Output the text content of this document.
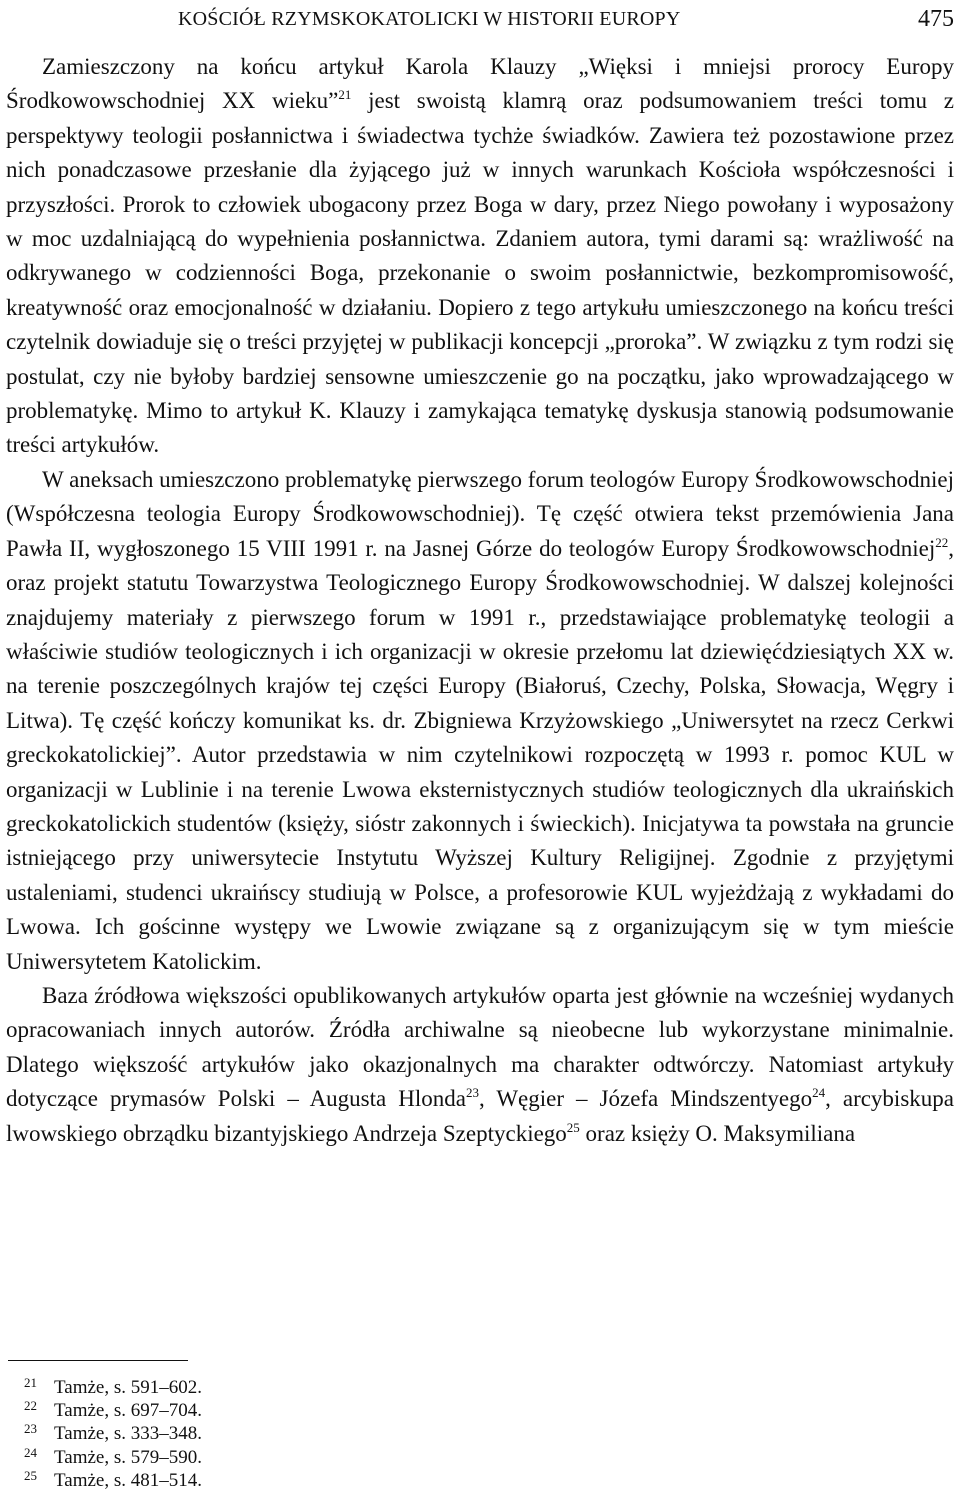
KOŚCIÓŁ RZYMSKOKATOLICKI W HISTORII EUROPY	475

Zamieszczony na końcu artykuł Karola Klauzy „Więksi i mniejsi prorocy Europy Środkowowschodniej XX wieku”$^{21}$ jest swoistą klamrą oraz podsumowaniem treści tomu z perspektywy teologii posłannictwa i świadectwa tychże świadków. Zawiera też pozostawione przez nich ponadczasowe przesłanie dla żyjącego już w innych warunkach Kościoła współczesności i przyszłości. Prorok to człowiek ubogacony przez Boga w dary, przez Niego powołany i wyposażony w moc uzdalniającą do wypełnienia posłannictwa. Zdaniem autora, tymi darami są: wrażliwość na odkrywanego w codzienności Boga, przekonanie o swoim posłannictwie, bezkompromisowość, kreatywność oraz emocjonalność w działaniu. Dopiero z tego artykułu umieszczonego na końcu treści czytelnik dowiaduje się o treści przyjętej w publikacji koncepcji „proroka”. W związku z tym rodzi się postulat, czy nie byłoby bardziej sensowne umieszczenie go na początku, jako wprowadzającego w problematykę. Mimo to artykuł K. Klauzy i zamykająca tematykę dyskusja stanowią podsumowanie treści artykułów.

W aneksach umieszczono problematykę pierwszego forum teologów Europy Środkowowschodniej (Współczesna teologia Europy Środkowowschodniej). Tę część otwiera tekst przemówienia Jana Pawła II, wygłoszonego 15 VIII 1991 r. na Jasnej Górze do teologów Europy Środkowowschodniej$^{22}$, oraz projekt statutu Towarzystwa Teologicznego Europy Środkowowschodniej. W dalszej kolejności znajdujemy materiały z pierwszego forum w 1991 r., przedstawiające problematykę teologii a właściwie studiów teologicznych i ich organizacji w okresie przełomu lat dziewięćdziesiątych XX w. na terenie poszczególnych krajów tej części Europy (Białoruś, Czechy, Polska, Słowacja, Węgry i Litwa). Tę część kończy komunikat ks. dr. Zbigniewa Krzyżowskiego „Uniwersytet na rzecz Cerkwi greckokatolickiej”. Autor przedstawia w nim czytelnikowi rozpoczętą w 1993 r. pomoc KUL w organizacji w Lublinie i na terenie Lwowa eksternistycznych studiów teologicznych dla ukraińskich greckokatolickich studentów (księży, sióstr zakonnych i świeckich). Inicjatywa ta powstała na gruncie istniejącego przy uniwersytecie Instytutu Wyższej Kultury Religijnej. Zgodnie z przyjętymi ustaleniami, studenci ukraińscy studiują w Polsce, a profesorowie KUL wyjeżdżają z wykładami do Lwowa. Ich gościnne występy we Lwowie związane są z organizującym się w tym mieście Uniwersytetem Katolickim.

Baza źródłowa większości opublikowanych artykułów oparta jest głównie na wcześniej wydanych opracowaniach innych autorów. Źródła archiwalne są nieobecne lub wykorzystane minimalnie. Dlatego większość artykułów jako okazjonalnych ma charakter odtwórczy. Natomiast artykuły dotyczące prymasów Polski – Augusta Hlonda$^{23}$, Węgier – Józefa Mindszentyego$^{24}$, arcybiskupa lwowskiego obrządku bizantyjskiego Andrzeja Szeptyckiego$^{25}$ oraz księży O. Maksymiliana

21 Tamże, s. 591–602.
22 Tamże, s. 697–704.
23 Tamże, s. 333–348.
24 Tamże, s. 579–590.
25 Tamże, s. 481–514.
